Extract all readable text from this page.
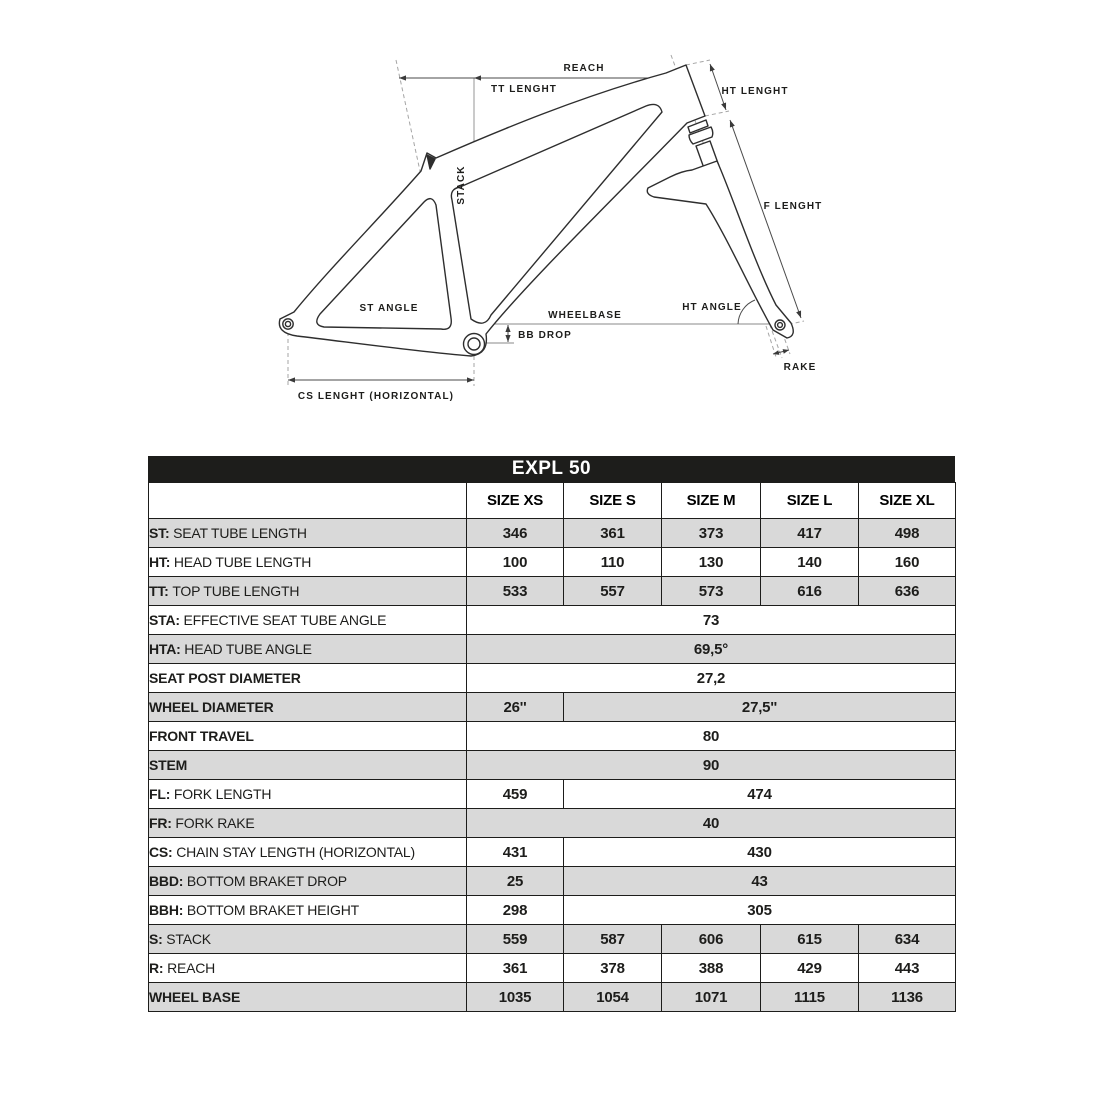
REACH
TT LENGHT	HT LENGHT
STACK
F LENGHT
ST ANGLE
WHEELBASE
BB DROP
HT ANGLE
RAKE
CS LENGHT (HORIZONTAL)
EXPL 50
	SIZE XS	SIZE S	SIZE M	SIZE L	SIZE XL
ST: SEAT TUBE LENGTH	346	361	373	417	498
HT: HEAD TUBE LENGTH	100	110	130	140	160
TT: TOP TUBE LENGTH	533	557	573	616	636
STA: EFFECTIVE SEAT TUBE ANGLE	73				
HTA: HEAD TUBE ANGLE	69,5°				
SEAT POST DIAMETER	27,2				
WHEEL DIAMETER	26''	27,5''			
FRONT TRAVEL	80				
STEM	90				
FL: FORK LENGTH	459	474			
FR: FORK RAKE	40				
CS: CHAIN STAY LENGTH (HORIZONTAL)	431	430			
BBD: BOTTOM BRAKET DROP	25	43			
BBH: BOTTOM BRAKET HEIGHT	298	305			
S: STACK	559	587	606	615	634
R: REACH	361	378	388	429	443
WHEEL BASE	1035	1054	1071	1115	1136
